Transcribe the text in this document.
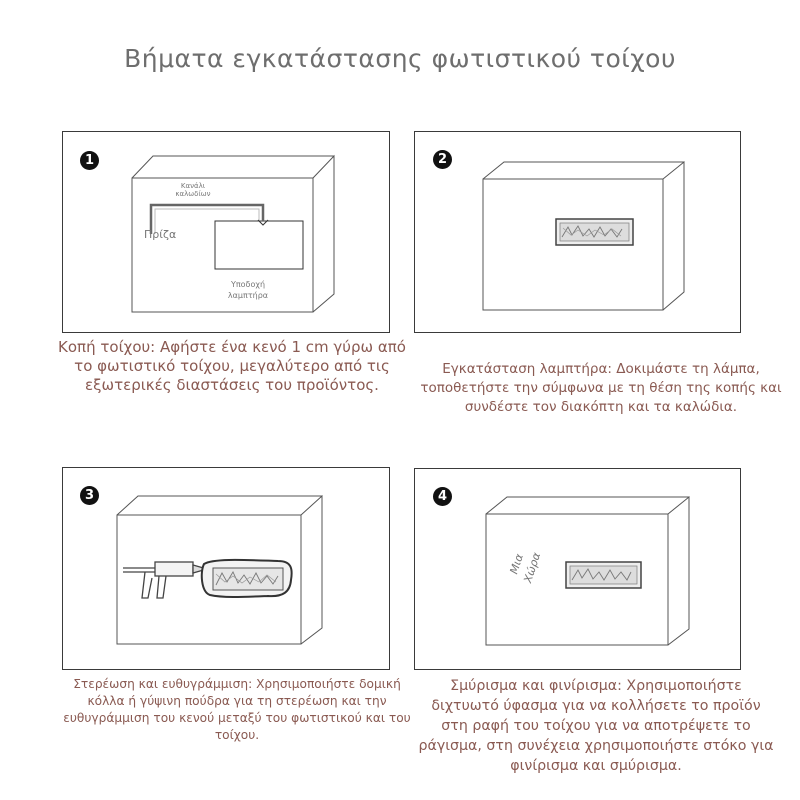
Βήματα εγκατάστασης φωτιστικού τοίχου
1
Κανάλι
καλωδίων
Πρίζα
Υποδοχή
λαμπτήρα
Κοπή τοίχου: Αφήστε ένα κενό 1 cm γύρω από το φωτιστικό τοίχου, μεγαλύτερο από τις εξωτερικές διαστάσεις του προϊόντος.
2
Εγκατάσταση λαμπτήρα: Δοκιμάστε τη λάμπα, τοποθετήστε την σύμφωνα με τη θέση της κοπής και συνδέστε τον διακόπτη και τα καλώδια.
3
Στερέωση και ευθυγράμμιση: Χρησιμοποιήστε δομική κόλλα ή γύψινη πούδρα για τη στερέωση και την ευθυγράμμιση του κενού μεταξύ του φωτιστικού και του τοίχου.
4
Μια
Χώρα
Σμύρισμα και φινίρισμα: Χρησιμοποιήστε διχτυωτό ύφασμα για να κολλήσετε το προϊόν στη ραφή του τοίχου για να αποτρέψετε το ράγισμα, στη συνέχεια χρησιμοποιήστε στόκο για φινίρισμα και σμύρισμα.
